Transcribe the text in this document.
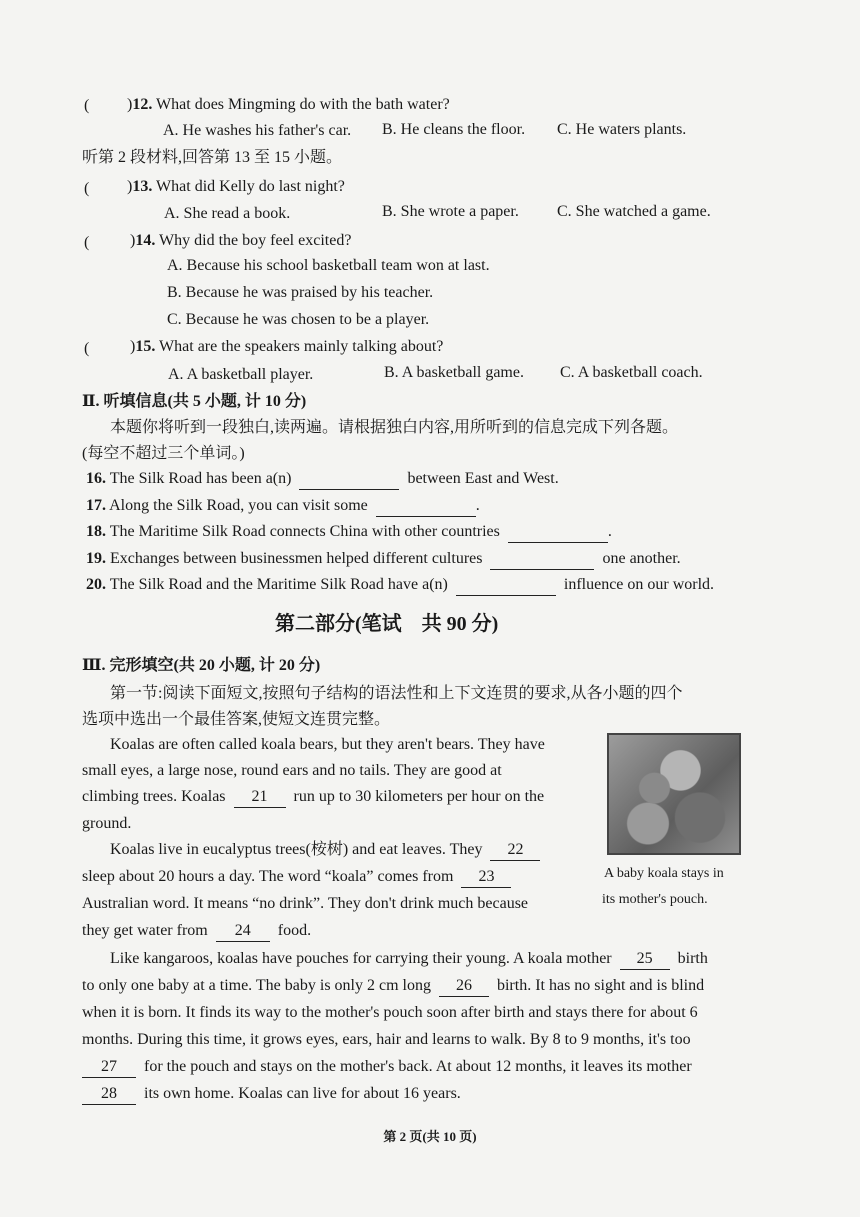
( )12. What does Mingming do with the bath water?
A. He washes his father's car. B. He cleans the floor. C. He waters plants.
听第 2 段材料,回答第 13 至 15 小题。
( )13. What did Kelly do last night?
A. She read a book.	B. She wrote a paper. C. She watched a game.
(	)14. Why did the boy feel excited?
A. Because his school basketball team won at last.
B. Because he was praised by his teacher.
C. Because he was chosen to be a player.
(	)15. What are the speakers mainly talking about?
A. A basketball player.	B. A basketball game. C. A basketball coach.
Ⅱ. 听填信息(共 5 小题, 计 10 分)
本题你将听到一段独白,读两遍。请根据独白内容,用所听到的信息完成下列各题。
(每空不超过三个单词。)
16. The Silk Road has been a(n)	between East and West.
17. Along the Silk Road, you can visit some	.
18. The Maritime Silk Road connects China with other countries	.
19. Exchanges between businessmen helped different cultures	one another.
20. The Silk Road and the Maritime Silk Road have a(n)	influence on our world.
第二部分(笔试　共 90 分)
Ⅲ. 完形填空(共 20 小题, 计 20 分)
第一节:阅读下面短文,按照句子结构的语法性和上下文连贯的要求,从各小题的四个
选项中选出一个最佳答案,使短文连贯完整。
Koalas are often called koala bears, but they aren't bears. They have
small eyes, a large nose, round ears and no tails. They are good at
climbing trees. Koalas 21 run up to 30 kilometers per hour on the
ground.
Koalas live in eucalyptus trees(桉树) and eat leaves. They 22
sleep about 20 hours a day. The word “koala” comes from 23
Australian word. It means “no drink”. They don't drink much because
they get water from 24 food.
A baby koala stays in
its mother's pouch.
Like kangaroos, koalas have pouches for carrying their young. A koala mother 25 birth
to only one baby at a time. The baby is only 2 cm long 26 birth. It has no sight and is blind
when it is born. It finds its way to the mother's pouch soon after birth and stays there for about 6
months. During this time, it grows eyes, ears, hair and learns to walk. By 8 to 9 months, it's too
27 for the pouch and stays on the mother's back. At about 12 months, it leaves its mother
28 its own home. Koalas can live for about 16 years.
第 2 页(共 10 页)
